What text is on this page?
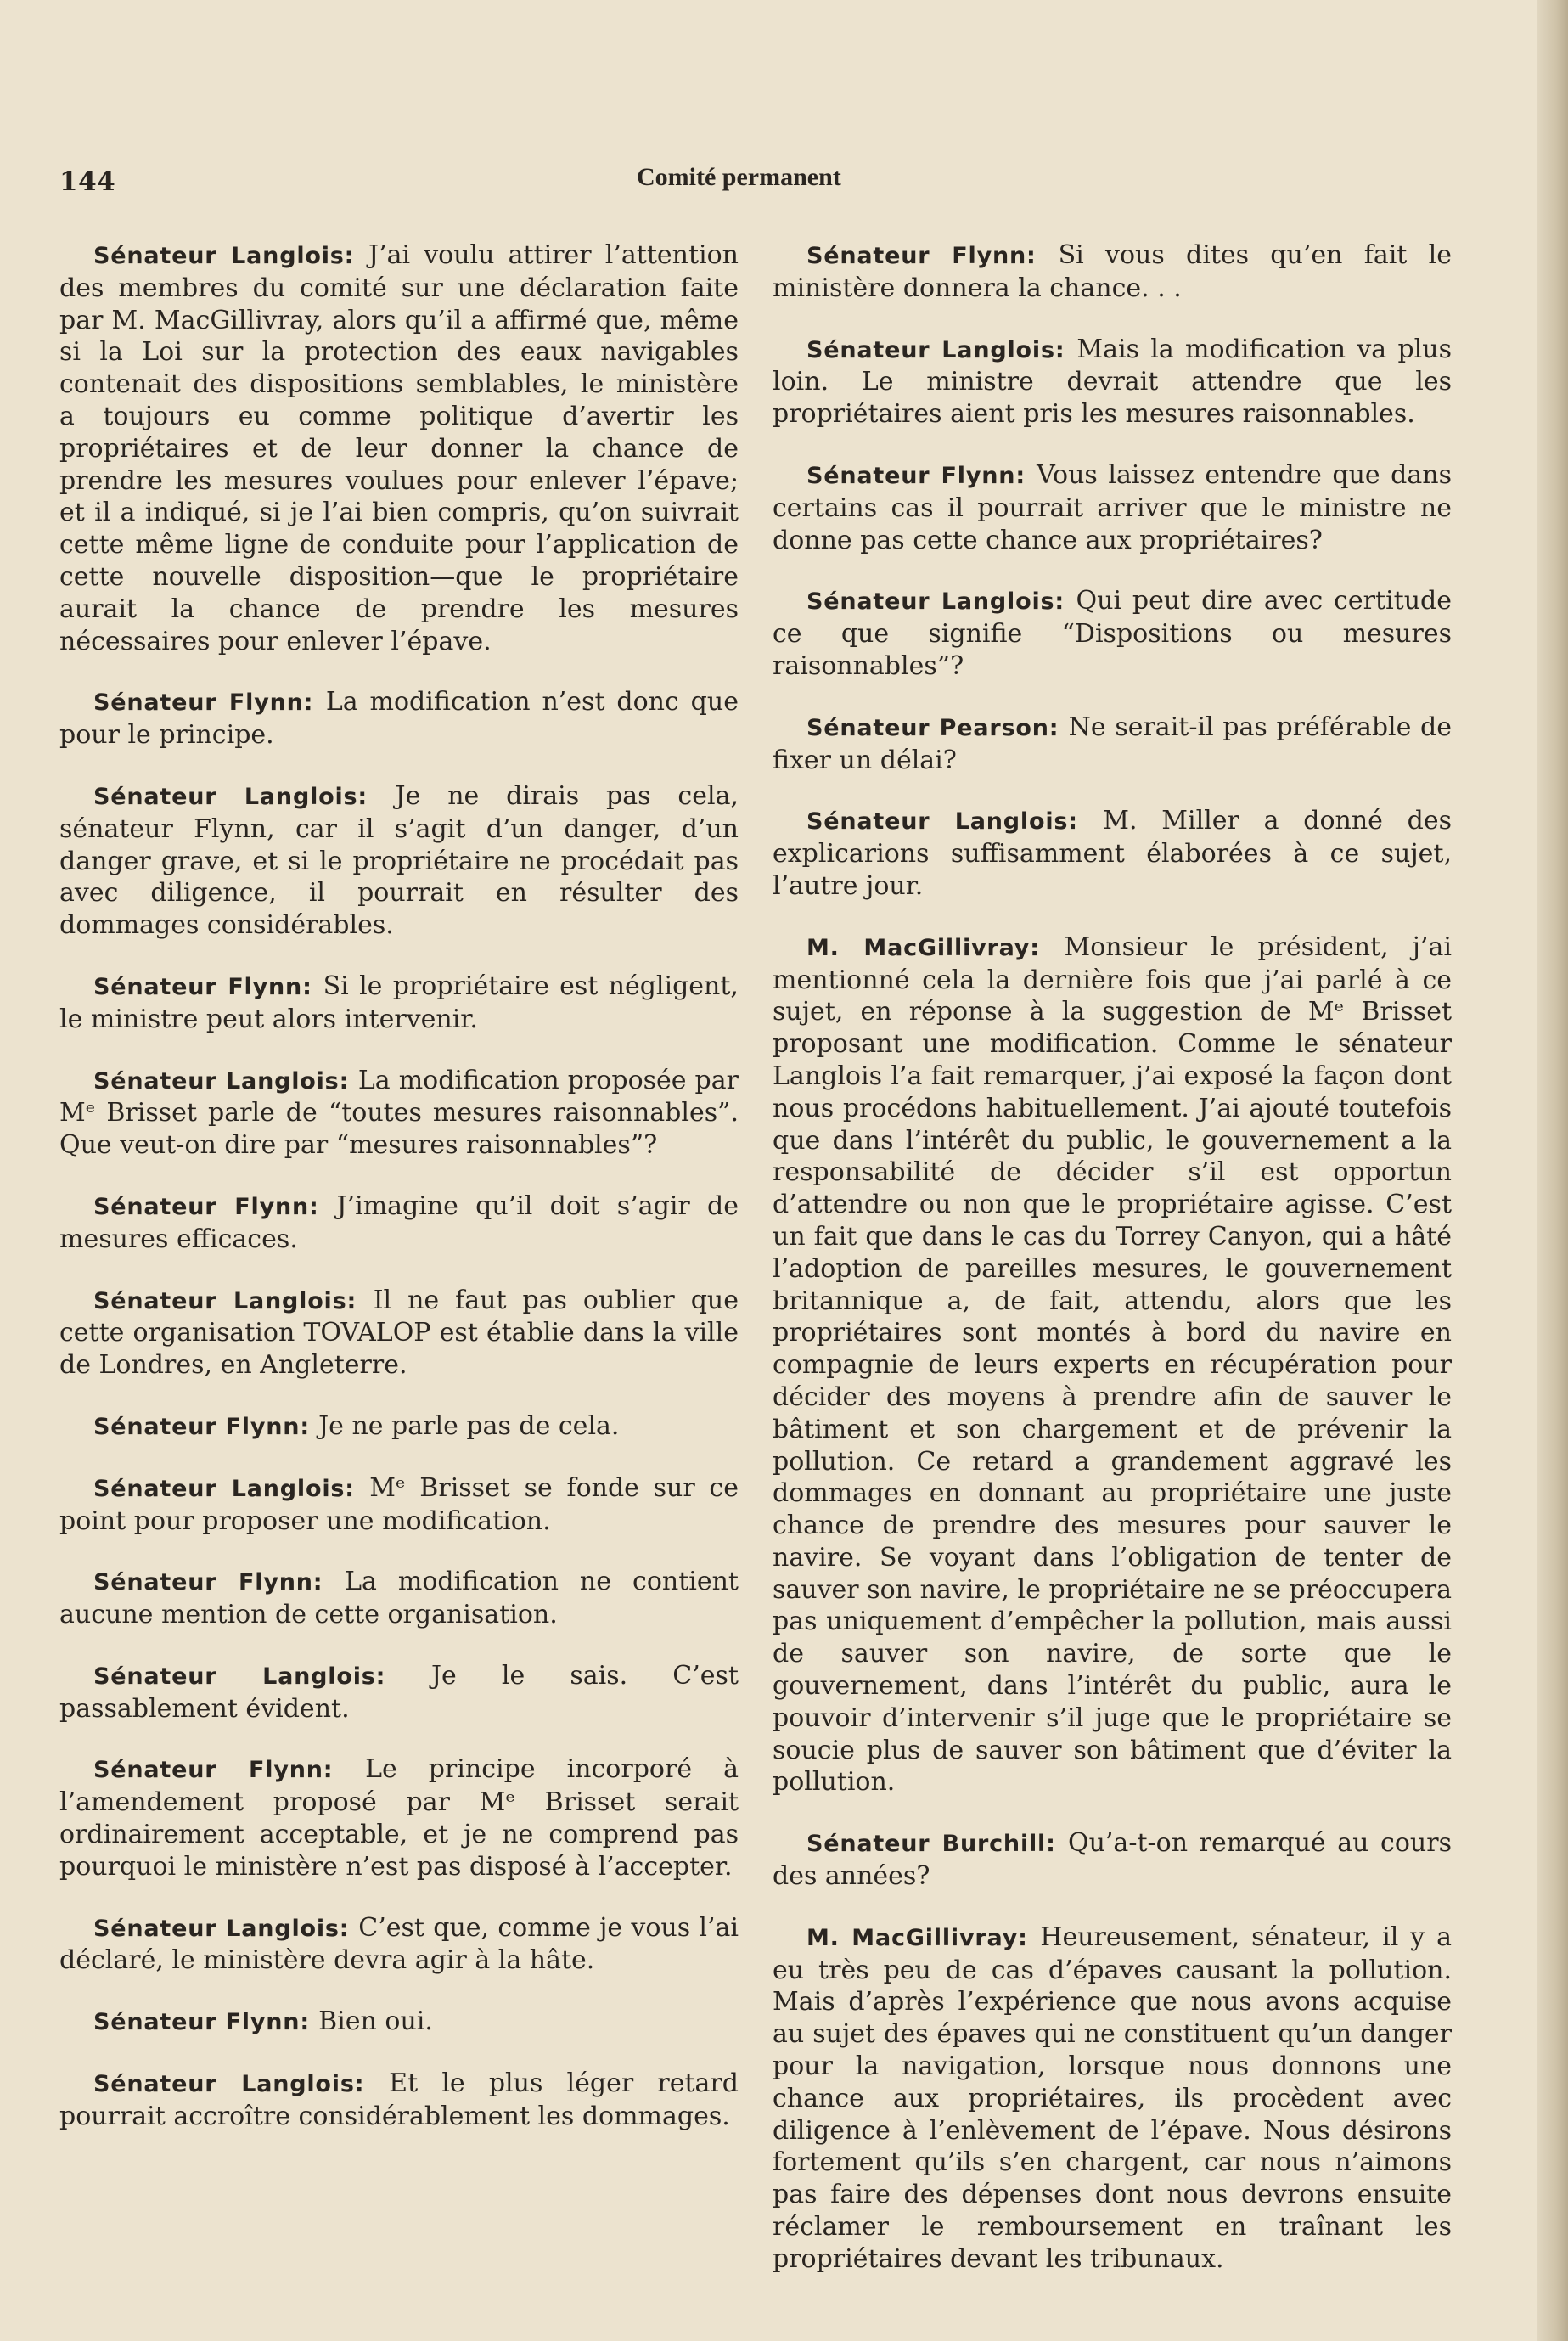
144	Comité permanent

Sénateur Langlois : J’ai voulu attirer l’attention des membres du comité sur une déclaration faite par M. MacGillivray, alors qu’il a affirmé que, même si la Loi sur la protection des eaux navigables contenait des dispositions semblables, le ministère a toujours eu comme politique d’avertir les propriétaires et de leur donner la chance de prendre les mesures voulues pour enlever l’épave; et il a indiqué, si je l’ai bien compris, qu’on suivrait cette même ligne de conduite pour l’application de cette nouvelle disposition—que le propriétaire aurait la chance de prendre les mesures nécessaires pour enlever l’épave.

Sénateur Flynn : La modification n’est donc que pour le principe.

Sénateur Langlois : Je ne dirais pas cela, sénateur Flynn, car il s’agit d’un danger, d’un danger grave, et si le propriétaire ne procédait pas avec diligence, il pourrait en résulter des dommages considérables.

Sénateur Flynn : Si le propriétaire est négligent, le ministre peut alors intervenir.

Sénateur Langlois : La modification proposée par Mᵉ Brisset parle de “toutes mesures raisonnables”. Que veut-on dire par “mesures raisonnables”?

Sénateur Flynn : J’imagine qu’il doit s’agir de mesures efficaces.

Sénateur Langlois : Il ne faut pas oublier que cette organisation TOVALOP est établie dans la ville de Londres, en Angleterre.

Sénateur Flynn : Je ne parle pas de cela.

Sénateur Langlois : Mᵉ Brisset se fonde sur ce point pour proposer une modification.

Sénateur Flynn : La modification ne contient aucune mention de cette organisation.

Sénateur Langlois : Je le sais. C’est passablement évident.

Sénateur Flynn : Le principe incorporé à l’amendement proposé par Mᵉ Brisset serait ordinairement acceptable, et je ne comprend pas pourquoi le ministère n’est pas disposé à l’accepter.

Sénateur Langlois : C’est que, comme je vous l’ai déclaré, le ministère devra agir à la hâte.

Sénateur Flynn : Bien oui.

Sénateur Langlois : Et le plus léger retard pourrait accroître considérablement les dommages.

Sénateur Flynn : Si vous dites qu’en fait le ministère donnera la chance. . .

Sénateur Langlois : Mais la modification va plus loin. Le ministre devrait attendre que les propriétaires aient pris les mesures raisonnables.

Sénateur Flynn : Vous laissez entendre que dans certains cas il pourrait arriver que le ministre ne donne pas cette chance aux propriétaires?

Sénateur Langlois : Qui peut dire avec certitude ce que signifie “Dispositions ou mesures raisonnables”?

Sénateur Pearson : Ne serait-il pas préférable de fixer un délai?

Sénateur Langlois : M. Miller a donné des explicarions suffisamment élaborées à ce sujet, l’autre jour.

M. MacGillivray : Monsieur le président, j’ai mentionné cela la dernière fois que j’ai parlé à ce sujet, en réponse à la suggestion de Mᵉ Brisset proposant une modification. Comme le sénateur Langlois l’a fait remarquer, j’ai exposé la façon dont nous procédons habituellement. J’ai ajouté toutefois que dans l’intérêt du public, le gouvernement a la responsabilité de décider s’il est opportun d’attendre ou non que le propriétaire agisse. C’est un fait que dans le cas du Torrey Canyon, qui a hâté l’adoption de pareilles mesures, le gouvernement britannique a, de fait, attendu, alors que les propriétaires sont montés à bord du navire en compagnie de leurs experts en récupération pour décider des moyens à prendre afin de sauver le bâtiment et son chargement et de prévenir la pollution. Ce retard a grandement aggravé les dommages en donnant au propriétaire une juste chance de prendre des mesures pour sauver le navire. Se voyant dans l’obligation de tenter de sauver son navire, le propriétaire ne se préoccupera pas uniquement d’empêcher la pollution, mais aussi de sauver son navire, de sorte que le gouvernement, dans l’intérêt du public, aura le pouvoir d’intervenir s’il juge que le propriétaire se soucie plus de sauver son bâtiment que d’éviter la pollution.

Sénateur Burchill : Qu’a-t-on remarqué au cours des années?

M. MacGillivray : Heureusement, sénateur, il y a eu très peu de cas d’épaves causant la pollution. Mais d’après l’expérience que nous avons acquise au sujet des épaves qui ne constituent qu’un danger pour la navigation, lorsque nous donnons une chance aux propriétaires, ils procèdent avec diligence à l’enlèvement de l’épave. Nous désirons fortement qu’ils s’en chargent, car nous n’aimons pas faire des dépenses dont nous devrons ensuite réclamer le remboursement en traînant les propriétaires devant les tribunaux.
